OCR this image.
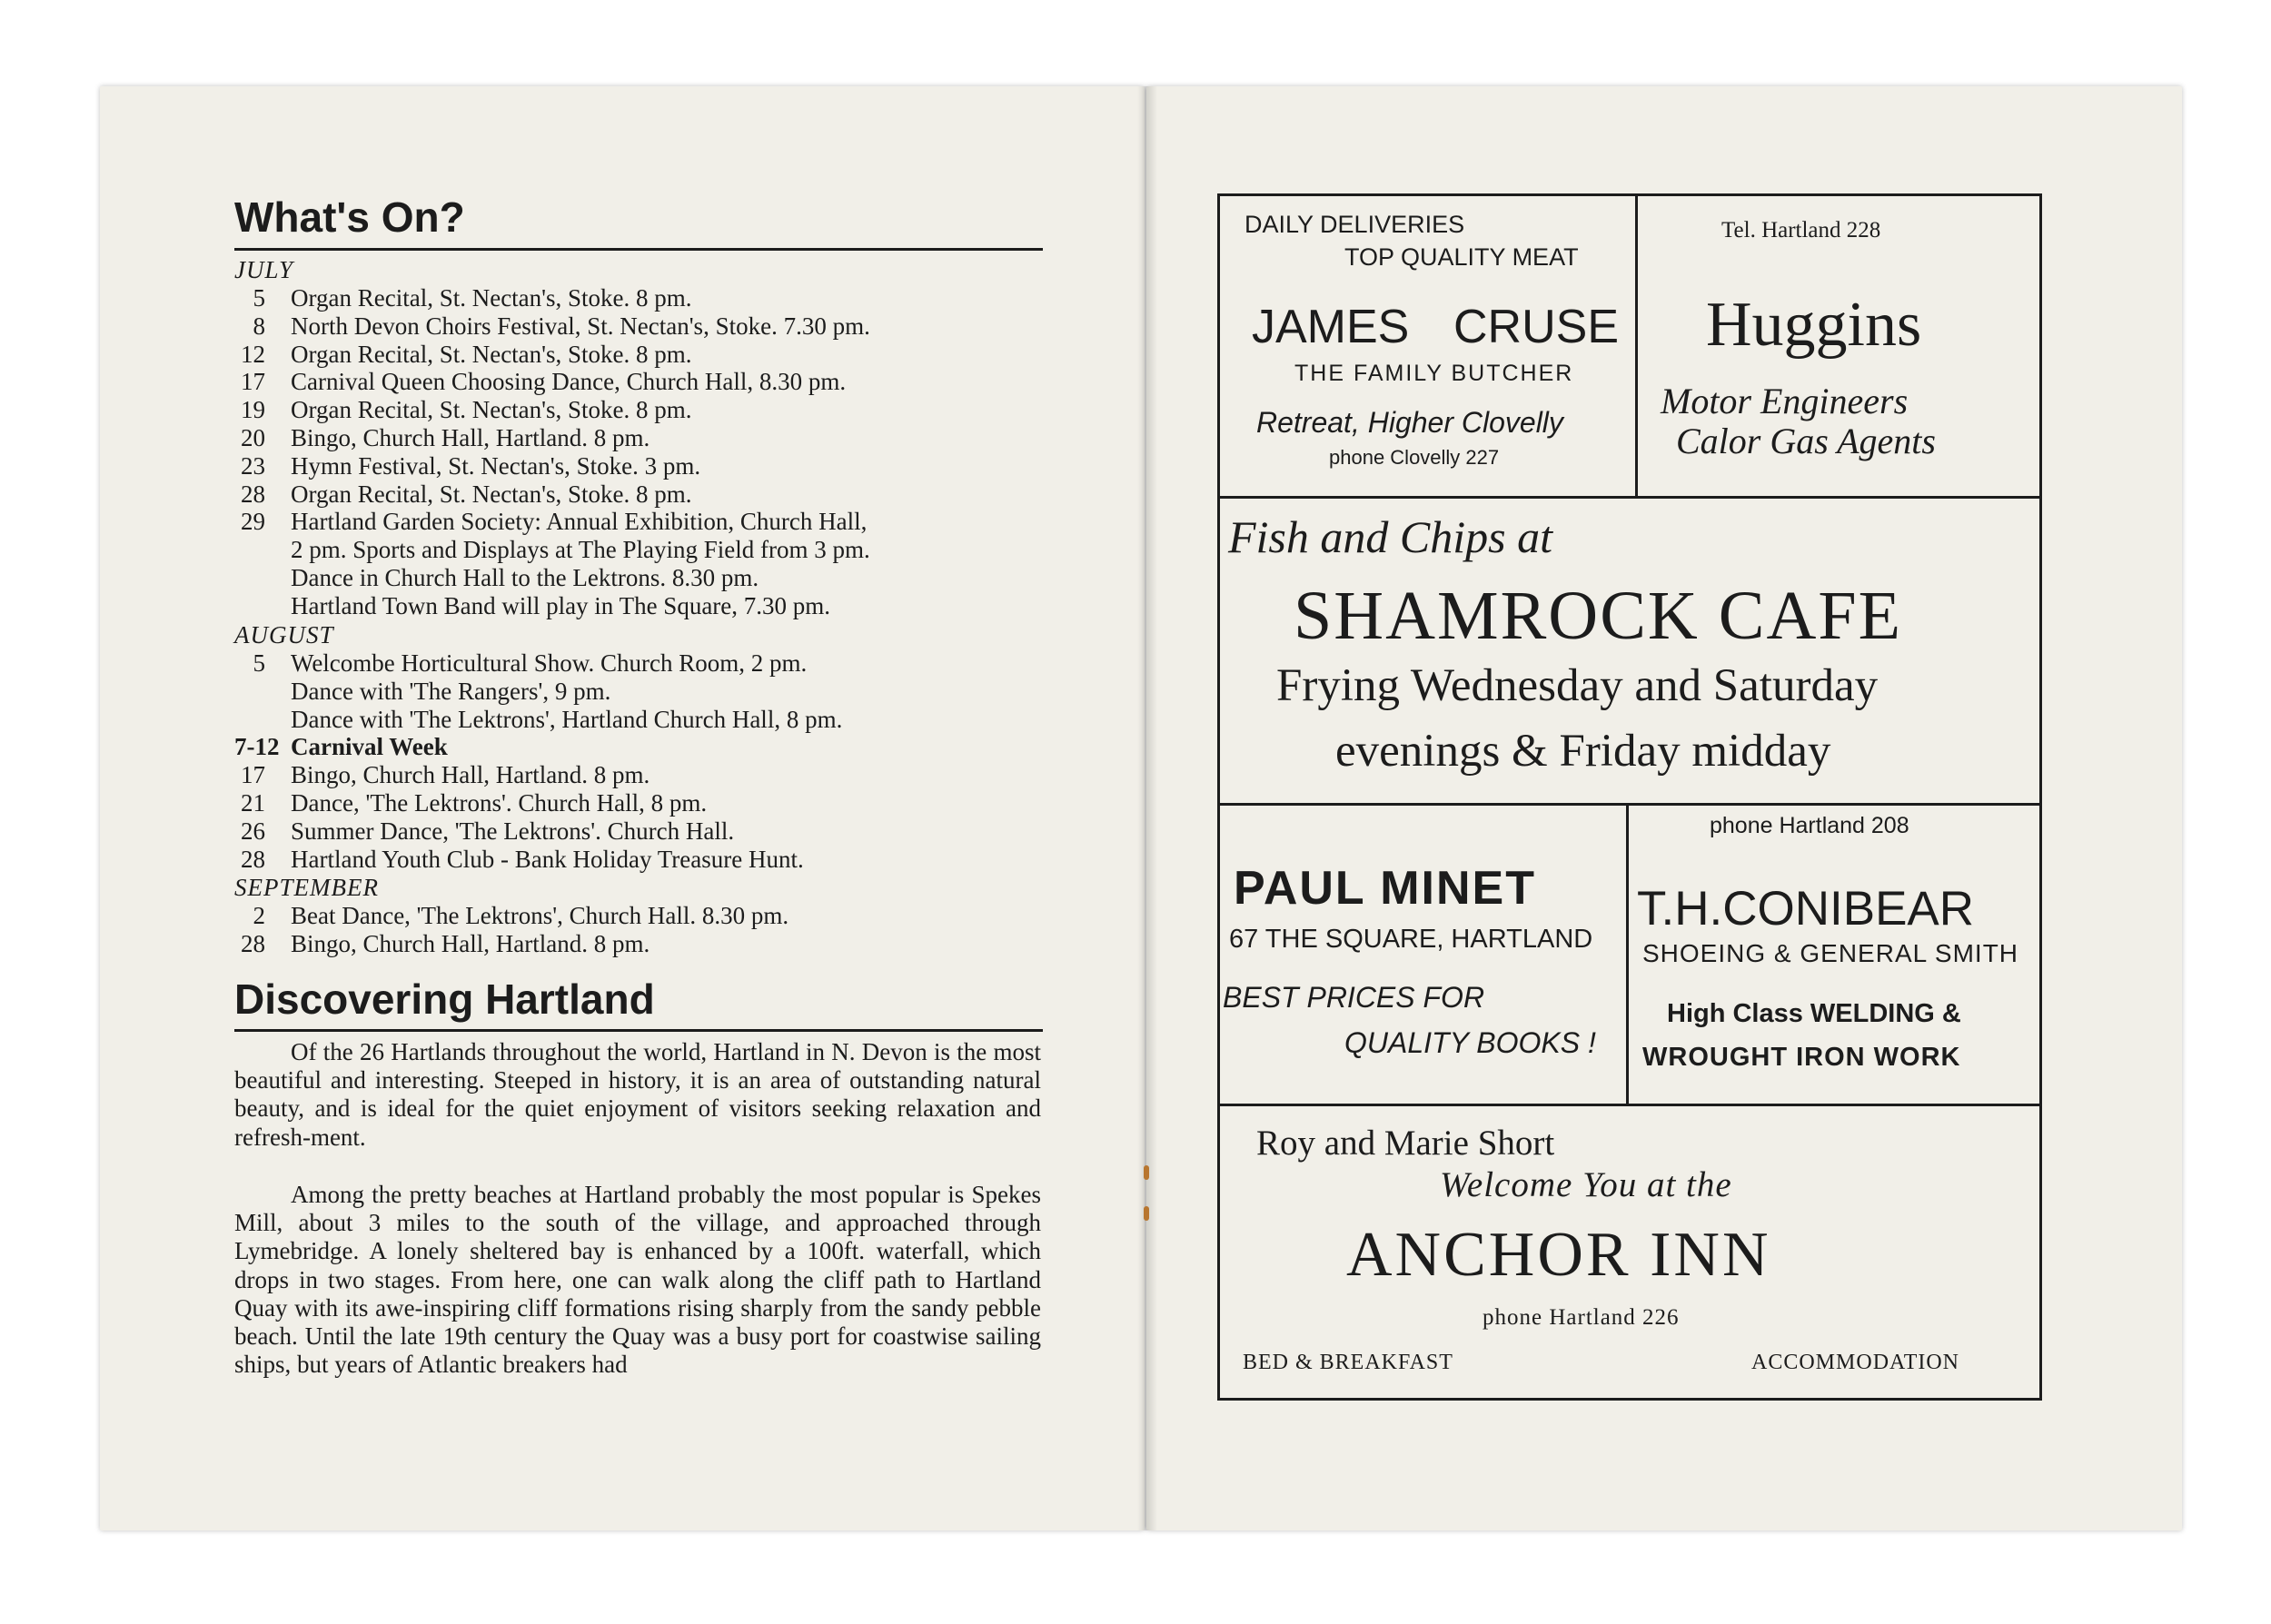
What's On?
JULY
5 Organ Recital, St. Nectan's, Stoke. 8 pm.
8 North Devon Choirs Festival, St. Nectan's, Stoke. 7.30 pm.
12 Organ Recital, St. Nectan's, Stoke. 8 pm.
17 Carnival Queen Choosing Dance, Church Hall, 8.30 pm.
19 Organ Recital, St. Nectan's, Stoke. 8 pm.
20 Bingo, Church Hall, Hartland. 8 pm.
23 Hymn Festival, St. Nectan's, Stoke. 3 pm.
28 Organ Recital, St. Nectan's, Stoke. 8 pm.
29 Hartland Garden Society: Annual Exhibition, Church Hall,
2 pm. Sports and Displays at The Playing Field from 3 pm.
Dance in Church Hall to the Lektrons. 8.30 pm.
Hartland Town Band will play in The Square, 7.30 pm.
AUGUST
5 Welcombe Horticultural Show. Church Room, 2 pm.
Dance with 'The Rangers', 9 pm.
Dance with 'The Lektrons', Hartland Church Hall, 8 pm.
7-12 Carnival Week
17 Bingo, Church Hall, Hartland. 8 pm.
21 Dance, 'The Lektrons'. Church Hall, 8 pm.
26 Summer Dance, 'The Lektrons'. Church Hall.
28 Hartland Youth Club - Bank Holiday Treasure Hunt.
SEPTEMBER
2 Beat Dance, 'The Lektrons', Church Hall. 8.30 pm.
28 Bingo, Church Hall, Hartland. 8 pm.
Discovering Hartland
Of the 26 Hartlands throughout the world, Hartland in N. Devon is the most beautiful and interesting. Steeped in history, it is an area of outstanding natural beauty, and is ideal for the quiet enjoyment of visitors seeking relaxation and refresh-ment.
Among the pretty beaches at Hartland probably the most popular is Spekes Mill, about 3 miles to the south of the village, and approached through Lymebridge. A lonely sheltered bay is enhanced by a 100ft. waterfall, which drops in two stages. From here, one can walk along the cliff path to Hartland Quay with its awe-inspiring cliff formations rising sharply from the sandy pebble beach. Until the late 19th century the Quay was a busy port for coastwise sailing ships, but years of Atlantic breakers had
DAILY DELIVERIES
TOP QUALITY MEAT
JAMES CRUSE
THE FAMILY BUTCHER
Retreat, Higher Clovelly
phone Clovelly 227
Tel. Hartland 228
Huggins
Motor Engineers
Calor Gas Agents
Fish and Chips at
SHAMROCK CAFE
Frying Wednesday and Saturday
evenings & Friday midday
PAUL MINET
67 THE SQUARE, HARTLAND
BEST PRICES FOR
QUALITY BOOKS !
phone Hartland 208
T.H.CONIBEAR
SHOEING & GENERAL SMITH
High Class WELDING &
WROUGHT IRON WORK
Roy and Marie Short
Welcome You at the
ANCHOR INN
phone Hartland 226
BED & BREAKFAST	ACCOMMODATION
